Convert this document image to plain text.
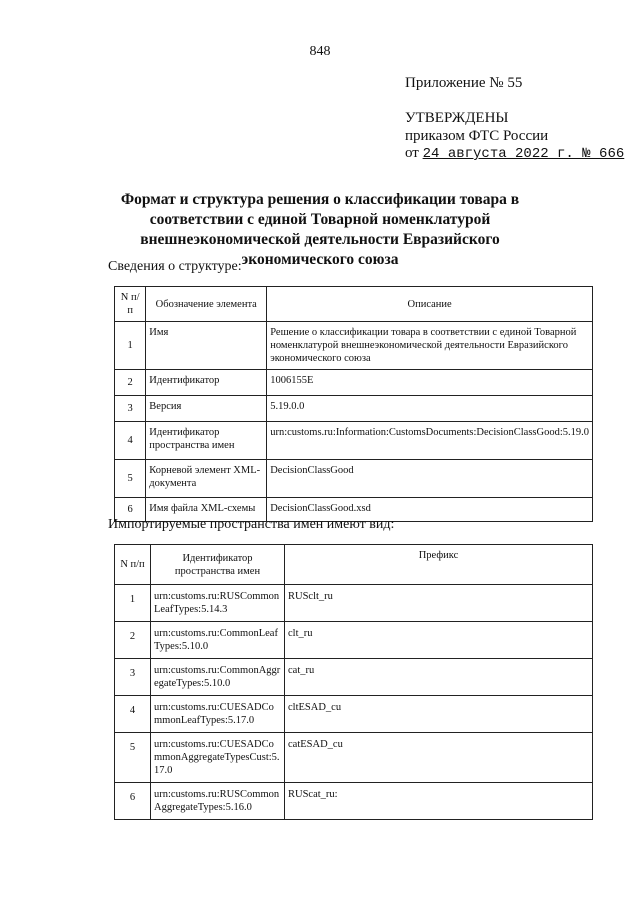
848
Приложение № 55
УТВЕРЖДЕНЫ
приказом ФТС России
от 24 августа 2022 г. № 666
Формат и структура решения о классификации товара в соответствии с единой Товарной номенклатурой внешнеэкономической деятельности Евразийского экономического союза
Сведения о структуре:
N п/п	Обозначение элемента	Описание
1	Имя	Решение о классификации товара в соответствии с единой Товарной номенклатурой внешнеэкономической деятельности Евразийского экономического союза
2	Идентификатор	1006155E
3	Версия	5.19.0.0
4	Идентификатор пространства имен	urn:customs.ru:Information:CustomsDocuments:DecisionClassGood:5.19.0
5	Корневой элемент XML-документа	DecisionClassGood
6	Имя файла XML-схемы	DecisionClassGood.xsd
Импортируемые пространства имен имеют вид:
N п/п	Идентификатор пространства имен	Префикс
1	urn:customs.ru:RUSCommonLeafTypes:5.14.3	RUSclt_ru
2	urn:customs.ru:CommonLeafTypes:5.10.0	clt_ru
3	urn:customs.ru:CommonAggregateTypes:5.10.0	cat_ru
4	urn:customs.ru:CUESADCommonLeafTypes:5.17.0	cltESAD_cu
5	urn:customs.ru:CUESADCommonAggregateTypesCust:5.17.0	catESAD_cu
6	urn:customs.ru:RUSCommonAggregateTypes:5.16.0	RUScat_ru:
